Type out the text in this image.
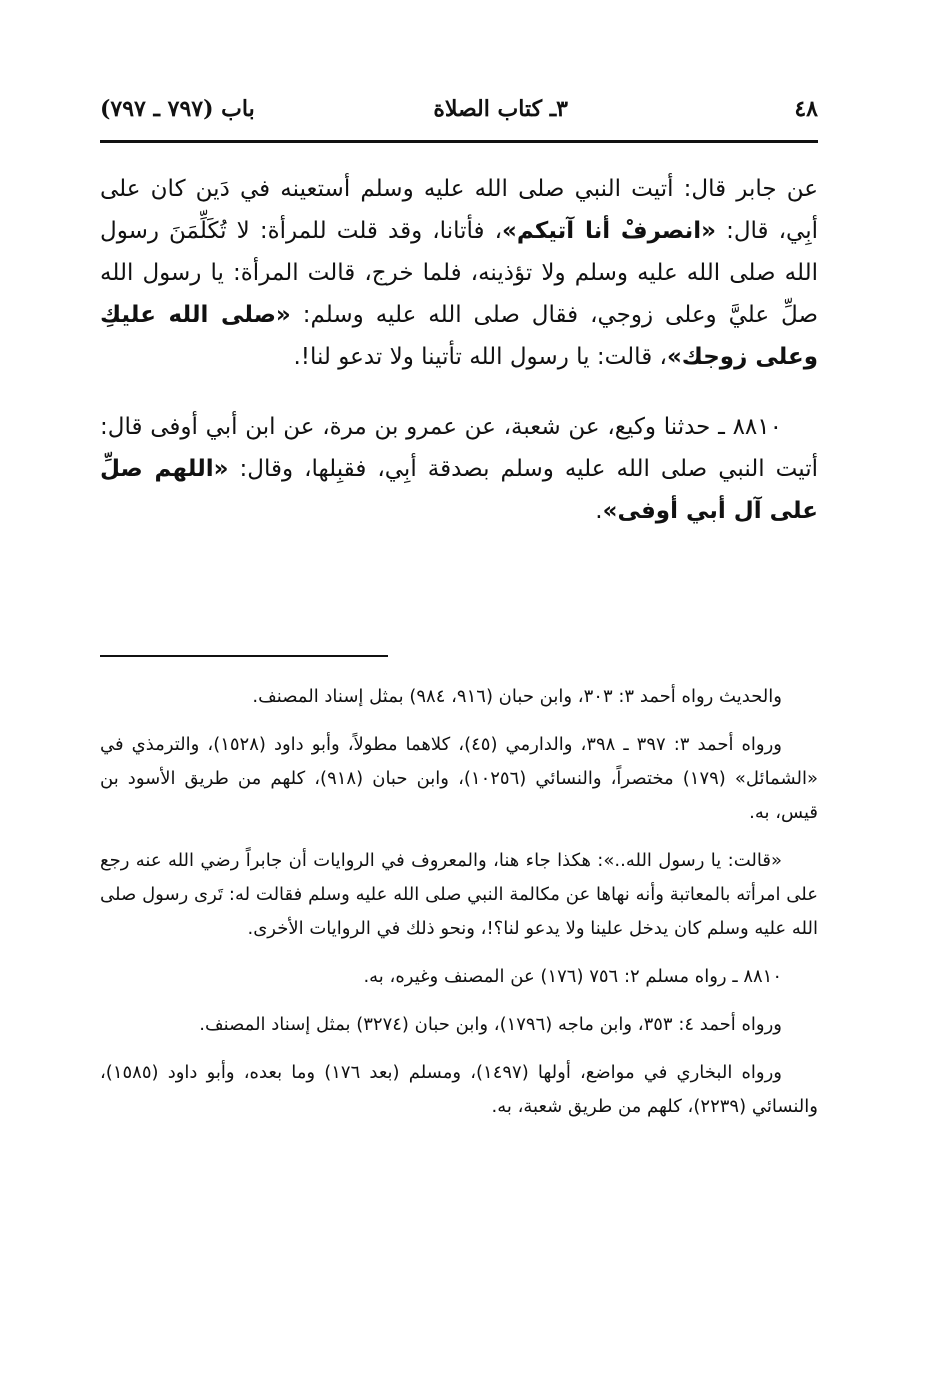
٤٨
٣ـ كتاب الصلاة
باب (٧٩٧ ـ ٧٩٧)

عن جابر قال: أتيت النبي صلى الله عليه وسلم أستعينه في دَين كان على أبِي، قال: «انصرفْ أنا آتيكم»، فأتانا، وقد قلت للمرأة: لا تُكَلِّمَنَ رسول الله صلى الله عليه وسلم ولا تؤذينه، فلما خرج، قالت المرأة: يا رسول الله صلِّ عليَّ وعلى زوجي، فقال صلى الله عليه وسلم: «صلى الله عليكِ وعلى زوجك»، قالت: يا رسول الله تأتينا ولا تدعو لنا!.

٨٨١٠ ـ حدثنا وكيع، عن شعبة، عن عمرو بن مرة، عن ابن أبي أوفى قال: أتيت النبي صلى الله عليه وسلم بصدقة أبِي، فقبِلها، وقال: «اللهم صلِّ على آل أبي أوفى».

والحديث رواه أحمد ٣: ٣٠٣، وابن حبان (٩١٦، ٩٨٤) بمثل إسناد المصنف.

ورواه أحمد ٣: ٣٩٧ ـ ٣٩٨، والدارمي (٤٥)، كلاهما مطولاً، وأبو داود (١٥٢٨)، والترمذي في «الشمائل» (١٧٩) مختصراً، والنسائي (١٠٢٥٦)، وابن حبان (٩١٨)، كلهم من طريق الأسود بن قيس، به.

«قالت: يا رسول الله..»: هكذا جاء هنا، والمعروف في الروايات أن جابراً رضي الله عنه رجع على امرأته بالمعاتبة وأنه نهاها عن مكالمة النبي صلى الله عليه وسلم فقالت له: تَرى رسول صلى الله عليه وسلم كان يدخل علينا ولا يدعو لنا؟!، ونحو ذلك في الروايات الأخرى.

٨٨١٠ ـ رواه مسلم ٢: ٧٥٦ (١٧٦) عن المصنف وغيره، به.

ورواه أحمد ٤: ٣٥٣، وابن ماجه (١٧٩٦)، وابن حبان (٣٢٧٤) بمثل إسناد المصنف.

ورواه البخاري في مواضع، أولها (١٤٩٧)، ومسلم (بعد ١٧٦) وما بعده، وأبو داود (١٥٨٥)، والنسائي (٢٢٣٩)، كلهم من طريق شعبة، به.
